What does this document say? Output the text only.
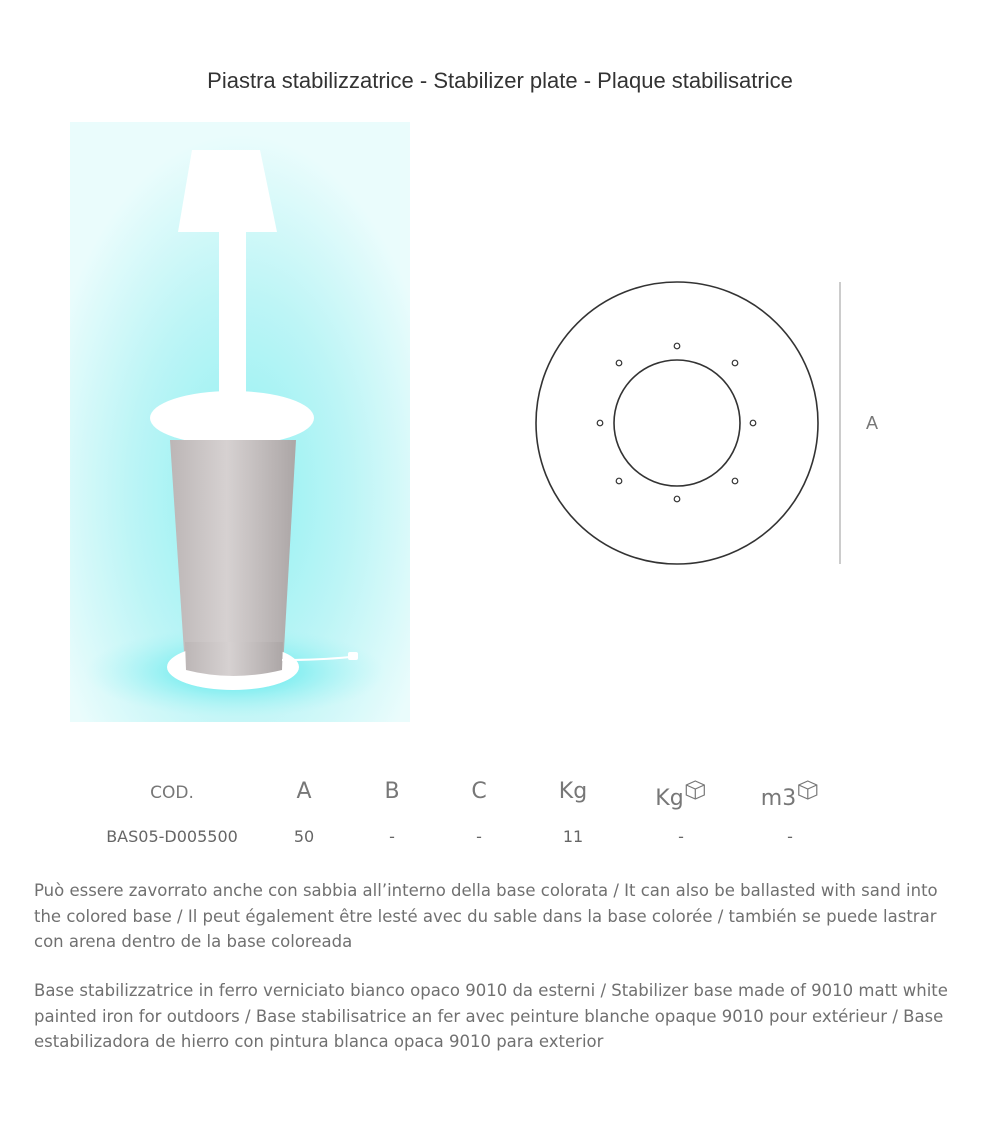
Piastra stabilizzatrice - Stabilizer plate - Plaque stabilisatrice
A
COD.	A	B	C	Kg	Kg	m3
BAS05-D005500	50	-	-	11	-	-
Può essere zavorrato anche con sabbia all’interno della base colorata / It can also be ballasted with sand into the colored base / Il peut également être lesté avec du sable dans la base colorée / también se puede lastrar con arena dentro de la base coloreada
Base stabilizzatrice in ferro verniciato bianco opaco 9010 da esterni / Stabilizer base made of 9010 matt white painted iron for outdoors / Base stabilisatrice an fer avec peinture blanche opaque 9010 pour extérieur / Base estabilizadora de hierro con pintura blanca opaca 9010 para exterior
